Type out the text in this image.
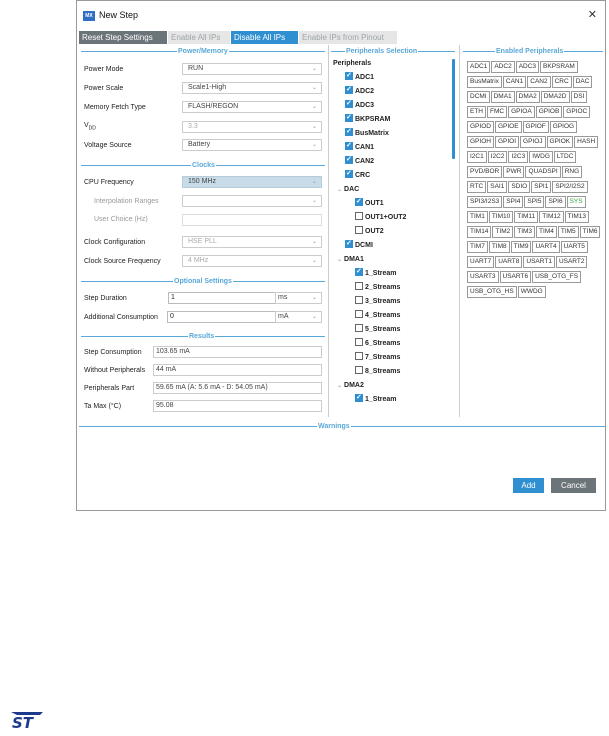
MX New Step	✕
Reset Step Settings	Enable All IPs	Disable All IPs	Enable IPs from Pinout
Power/Memory
Power Mode	RUN	⌄
Power Scale	Scale1-High	⌄
Memory Fetch Type	FLASH/REGON	⌄
$V_{DD}$	3.3	⌄
Voltage Source	Battery	⌄
Clocks
CPU Frequency	150 MHz	⌄
Interpolation Ranges	⌄
User Choice (Hz)
Clock Configuration	HSE PLL	⌄
Clock Source Frequency	4 MHz	⌄
Optional Settings
Step Duration	1	ms	⌄
Additional Consumption	0	mA	⌄
Results
Step Consumption	103.65 mA
Without Peripherals	44 mA
Peripherals Part	59.65 mA (A: 5.6 mA - D: 54.05 mA)
Ta Max (°C)	95.08
Peripherals Selection
Peripherals
✓ADC1
✓ADC2
✓ADC3
✓BKPSRAM
✓BusMatrix
✓CAN1
✓CAN2
✓CRC
⌄ DAC
✓OUT1
OUT1+OUT2
OUT2
✓DCMI
⌄ DMA1
✓1_Stream
2_Streams
3_Streams
4_Streams
5_Streams
6_Streams
7_Streams
8_Streams
⌄ DMA2
✓1_Stream
Enabled Peripherals
ADC1 ADC2 ADC3 BKPSRAMBusMatrix CAN1 CAN2 CRC DACDCMI DMA1 DMA2 DMA2D DSIETH FMC GPIOA GPIOB GPIOCGPIOD GPIOE GPIOF GPIOGGPIOH GPIOI GPIOJ GPIOK HASHI2C1 I2C2 I2C3 IWDG LTDCPVD/BOR PWR QUADSPI RNGRTC SAI1 SDIO SPI1 SPI2/I2S2SPI3/I2S3 SPI4 SPI5 SPI6 SYSTIM1 TIM10 TIM11 TIM12 TIM13TIM14 TIM2 TIM3 TIM4 TIM5 TIM6TIM7 TIM8 TIM9 UART4 UART5UART7 UART8 USART1 USART2USART3 USART6 USB_OTG_FSUSB_OTG_HS WWDG
Warnings
Add	Cancel
ST
